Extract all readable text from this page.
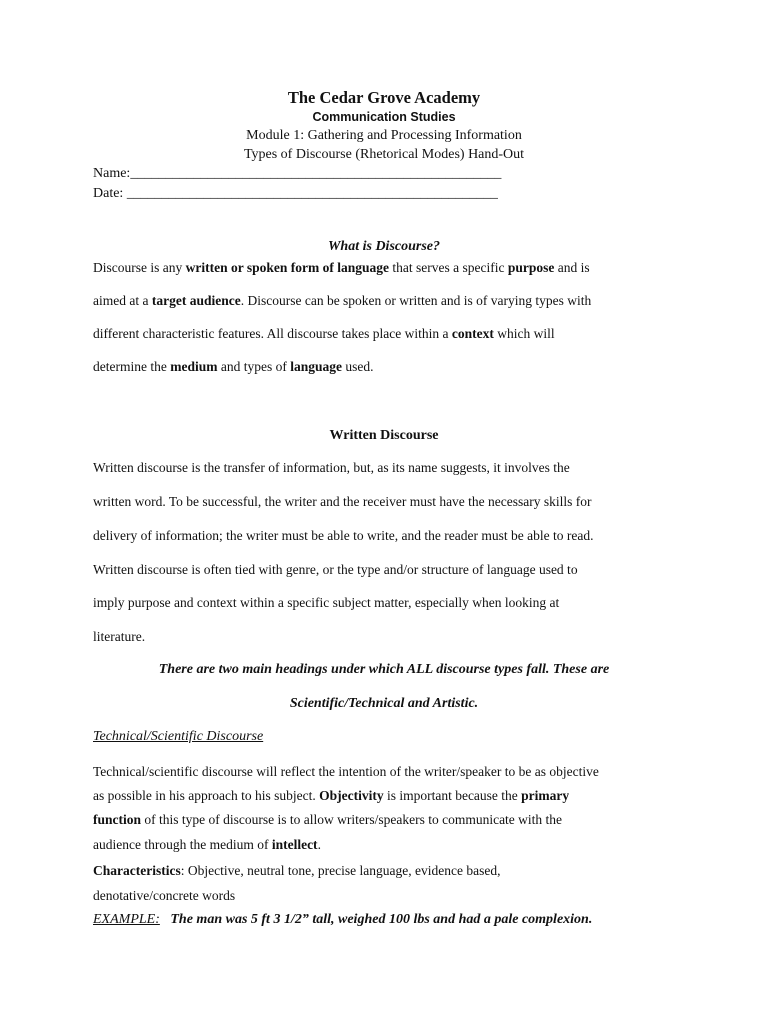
The Cedar Grove Academy
Communication Studies
Module 1: Gathering and Processing Information
Types of Discourse (Rhetorical Modes) Hand-Out
Name:_____________________________________________________
Date: _____________________________________________________
What is Discourse?
Discourse is any written or spoken form of language that serves a specific purpose and is
aimed at a target audience. Discourse can be spoken or written and is of varying types with
different characteristic features. All discourse takes place within a context which will
determine the medium and types of language used.
Written Discourse
Written discourse is the transfer of information, but, as its name suggests, it involves the
written word. To be successful, the writer and the receiver must have the necessary skills for
delivery of information; the writer must be able to write, and the reader must be able to read.
Written discourse is often tied with genre, or the type and/or structure of language used to
imply purpose and context within a specific subject matter, especially when looking at
literature.
There are two main headings under which ALL discourse types fall. These are
Scientific/Technical and Artistic.
Technical/Scientific Discourse
Technical/scientific discourse will reflect the intention of the writer/speaker to be as objective
as possible in his approach to his subject. Objectivity is important because the primary
function of this type of discourse is to allow writers/speakers to communicate with the
audience through the medium of intellect.
Characteristics: Objective, neutral tone, precise language, evidence based,
denotative/concrete words
EXAMPLE: The man was 5 ft 3 1/2” tall, weighed 100 lbs and had a pale complexion.
